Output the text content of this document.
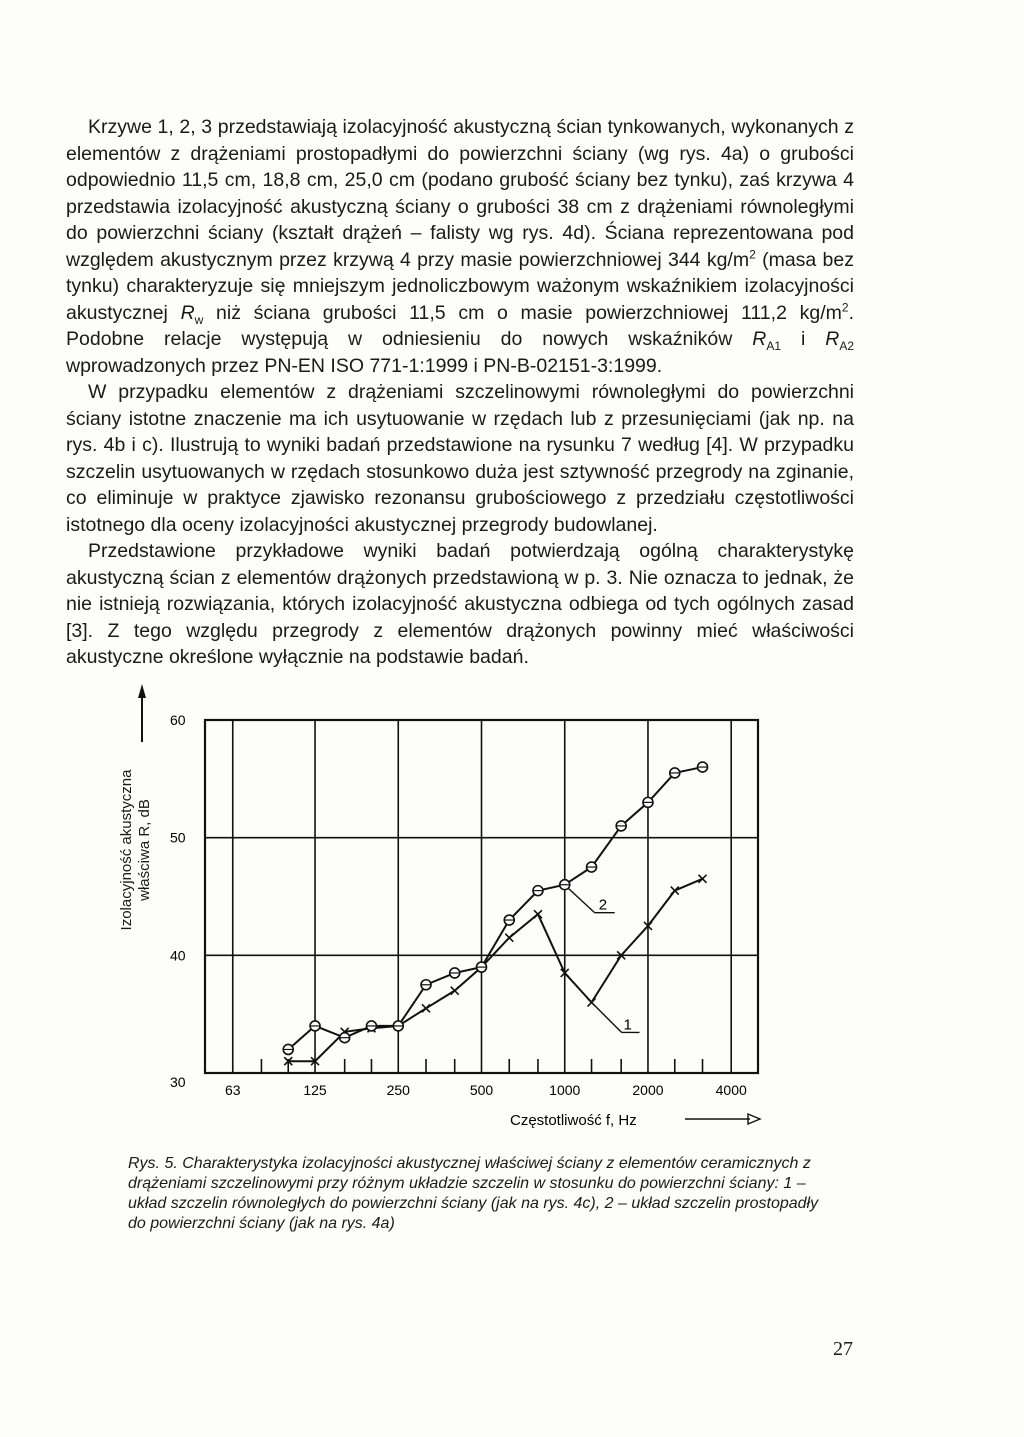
Krzywe 1, 2, 3 przedstawiają izolacyjność akustyczną ścian tynkowanych, wykonanych z elementów z drążeniami prostopadłymi do powierzchni ściany (wg rys. 4a) o grubości odpowiednio 11,5 cm, 18,8 cm, 25,0 cm (podano grubość ściany bez tynku), zaś krzywa 4 przedstawia izolacyjność akustyczną ściany o grubości 38 cm z drążeniami równoległymi do powierzchni ściany (kształt drążeń – falisty wg rys. 4d). Ściana reprezentowana pod względem akustycznym przez krzywą 4 przy masie powierzchniowej 344 $kg/m^2$ (masa bez tynku) charakteryzuje się mniejszym jednoliczbowym ważonym wskaźnikiem izolacyjności akustycznej $R_w$ niż ściana grubości 11,5 cm o masie powierzchniowej 111,2 $kg/m^2$. Podobne relacje występują w odniesieniu do nowych wskaźników $R_{A1}$ i $R_{A2}$ wprowadzonych przez PN-EN ISO 771-1:1999 i PN-B-02151-3:1999.

W przypadku elementów z drążeniami szczelinowymi równoległymi do powierzchni ściany istotne znaczenie ma ich usytuowanie w rzędach lub z przesunięciami (jak np. na rys. 4b i c). Ilustrują to wyniki badań przedstawione na rysunku 7 według [4]. W przypadku szczelin usytuowanych w rzędach stosunkowo duża jest sztywność przegrody na zginanie, co eliminuje w praktyce zjawisko rezonansu grubościowego z przedziału częstotliwości istotnego dla oceny izolacyjności akustycznej przegrody budowlanej.

Przedstawione przykładowe wyniki badań potwierdzają ogólną charakterystykę akustyczną ścian z elementów drążonych przedstawioną w p. 3. Nie oznacza to jednak, że nie istnieją rozwiązania, których izolacyjność akustyczna odbiega od tych ogólnych zasad [3]. Z tego względu przegrody z elementów drążonych powinny mieć właściwości akustyczne określone wyłącznie na podstawie badań.

Izolacyjność akustyczna właściwa R, dB
60
50
40
30	63	125	250	500	1000	2000	4000
Częstotliwość f, Hz
1
2
Rys. 5. Charakterystyka izolacyjności akustycznej właściwej ściany z elementów ceramicznych z drążeniami szczelinowymi przy różnym układzie szczelin w stosunku do powierzchni ściany: 1 – układ szczelin równoległych do powierzchni ściany (jak na rys. 4c), 2 – układ szczelin prostopadły do powierzchni ściany (jak na rys. 4a)
27
